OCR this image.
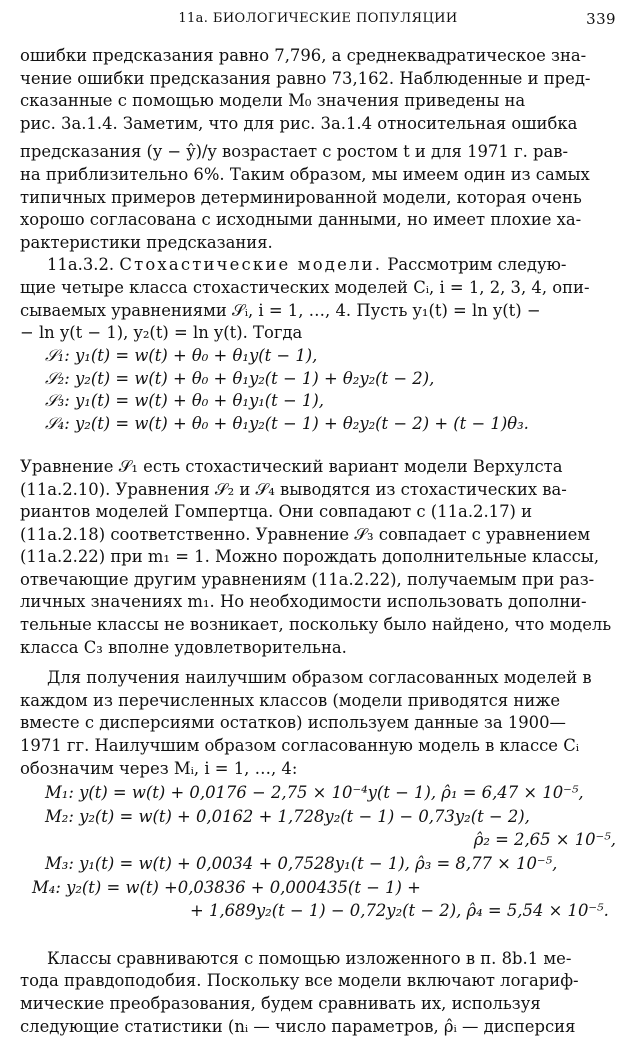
11а. БИОЛОГИЧЕСКИЕ ПОПУЛЯЦИИ	339

ошибки предсказания равно 7,796, а среднеквадратическое зна-

чение ошибки предсказания равно 73,162. Наблюденные и пред-

сказанные с помощью модели M₀ значения приведены на

рис. 3а.1.4. Заметим, что для рис. 3а.1.4 относительная ошибка

предсказания (y − ŷ)/y возрастает с ростом t и для 1971 г. рав-

на приблизительно 6%. Таким образом, мы имеем один из самых

типичных примеров детерминированной модели, которая очень

хорошо согласована с исходными данными, но имеет плохие ха-

рактеристики предсказания.

11а.3.2. Стохастические модели. Рассмотрим следую-

щие четыре класса стохастических моделей Cᵢ, i = 1, 2, 3, 4, опи-

сываемых уравнениями 𝒮ᵢ, i = 1, …, 4. Пусть y₁(t) = ln y(t) −

− ln y(t − 1), y₂(t) = ln y(t). Тогда

𝒮₁: y₁(t) = w(t) + θ₀ + θ₁y(t − 1),
𝒮₂: y₂(t) = w(t) + θ₀ + θ₁y₂(t − 1) + θ₂y₂(t − 2),
𝒮₃: y₁(t) = w(t) + θ₀ + θ₁y₁(t − 1),
𝒮₄: y₂(t) = w(t) + θ₀ + θ₁y₂(t − 1) + θ₂y₂(t − 2) + (t − 1)θ₃.

Уравнение 𝒮₁ есть стохастический вариант модели Верхулста

(11а.2.10). Уравнения 𝒮₂ и 𝒮₄ выводятся из стохастических ва-

риантов моделей Гомпертца. Они совпадают с (11а.2.17) и

(11а.2.18) соответственно. Уравнение 𝒮₃ совпадает с уравнением

(11а.2.22) при m₁ = 1. Можно порождать дополнительные классы,

отвечающие другим уравнениям (11а.2.22), получаемым при раз-

личных значениях m₁. Но необходимости использовать дополни-

тельные классы не возникает, поскольку было найдено, что модель

класса C₃ вполне удовлетворительна.

Для получения наилучшим образом согласованных моделей в

каждом из перечисленных классов (модели приводятся ниже

вместе с дисперсиями остатков) используем данные за 1900—

1971 гг. Наилучшим образом согласованную модель в классе Cᵢ

обозначим через Mᵢ, i = 1, …, 4:

M₁: y(t) = w(t) + 0,0176 − 2,75 × 10⁻⁴y(t − 1), ρ̂₁ = 6,47 × 10⁻⁵,
M₂: y₂(t) = w(t) + 0,0162 + 1,728y₂(t − 1) − 0,73y₂(t − 2),
ρ̂₂ = 2,65 × 10⁻⁵,
M₃: y₁(t) = w(t) + 0,0034 + 0,7528y₁(t − 1), ρ̂₃ = 8,77 × 10⁻⁵,
M₄: y₂(t) = w(t) +0,03836 + 0,000435(t − 1) +
+ 1,689y₂(t − 1) − 0,72y₂(t − 2), ρ̂₄ = 5,54 × 10⁻⁵.

Классы сравниваются с помощью изложенного в п. 8b.1 ме-

тода правдоподобия. Поскольку все модели включают логариф-

мические преобразования, будем сравнивать их, используя

следующие статистики (nᵢ — число параметров, ρ̂ᵢ — дисперсия
